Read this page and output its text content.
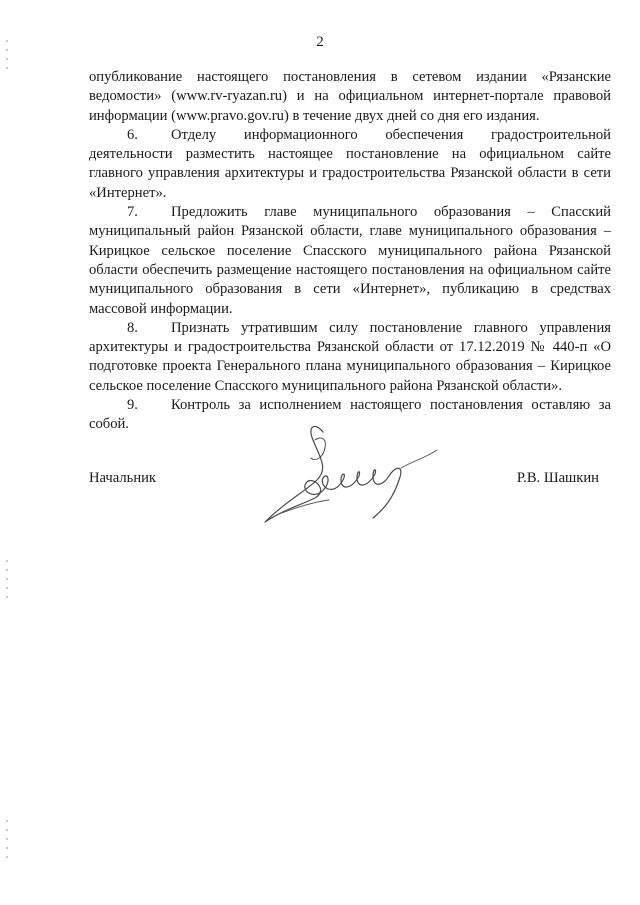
2

опубликование настоящего постановления в сетевом издании «Рязанские ведомости» (www.rv-ryazan.ru) и на официальном интернет-портале правовой информации (www.pravo.gov.ru) в течение двух дней со дня его издания.

6. Отделу информационного обеспечения градостроительной деятельности разместить настоящее постановление на официальном сайте главного управления архитектуры и градостроительства Рязанской области в сети «Интернет».

7. Предложить главе муниципального образования – Спасский муниципальный район Рязанской области, главе муниципального образования – Кирицкое сельское поселение Спасского муниципального района Рязанской области обеспечить размещение настоящего постановления на официальном сайте муниципального образования в сети «Интернет», публикацию в средствах массовой информации.

8. Признать утратившим силу постановление главного управления архитектуры и градостроительства Рязанской области от 17.12.2019 № 440-п «О подготовке проекта Генерального плана муниципального образования – Кирицкое сельское поселение Спасского муниципального района Рязанской области».

9. Контроль за исполнением настоящего постановления оставляю за собой.

Начальник	Р.В. Шашкин
